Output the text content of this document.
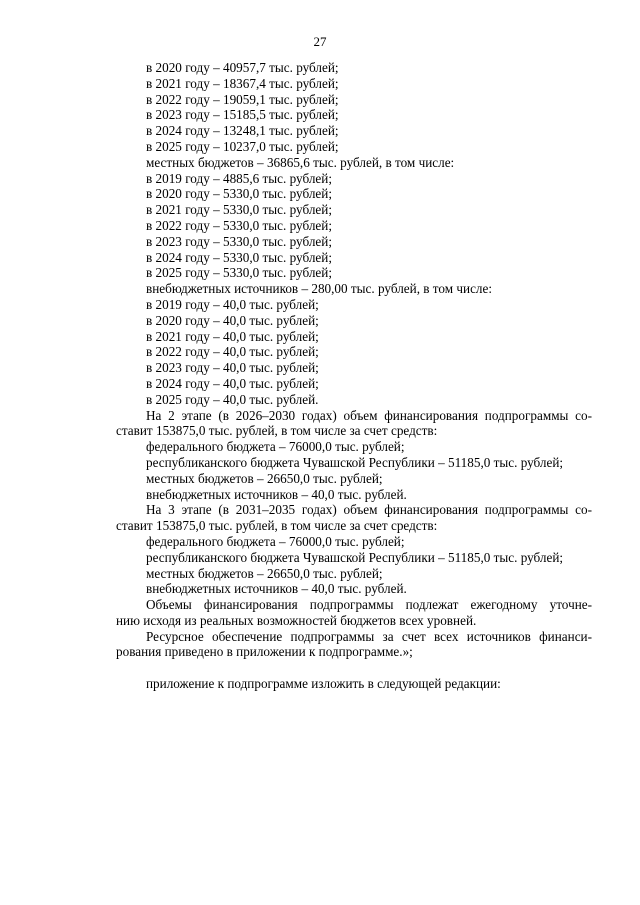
27
в 2020 году – 40957,7 тыс. рублей;
в 2021 году – 18367,4 тыс. рублей;
в 2022 году – 19059,1 тыс. рублей;
в 2023 году – 15185,5 тыс. рублей;
в 2024 году – 13248,1 тыс. рублей;
в 2025 году – 10237,0 тыс. рублей;
местных бюджетов – 36865,6 тыс. рублей, в том числе:
в 2019 году – 4885,6 тыс. рублей;
в 2020 году – 5330,0 тыс. рублей;
в 2021 году – 5330,0 тыс. рублей;
в 2022 году – 5330,0 тыс. рублей;
в 2023 году – 5330,0 тыс. рублей;
в 2024 году – 5330,0 тыс. рублей;
в 2025 году – 5330,0 тыс. рублей;
внебюджетных источников – 280,00 тыс. рублей, в том числе:
в 2019 году – 40,0 тыс. рублей;
в 2020 году – 40,0 тыс. рублей;
в 2021 году – 40,0 тыс. рублей;
в 2022 году – 40,0 тыс. рублей;
в 2023 году – 40,0 тыс. рублей;
в 2024 году – 40,0 тыс. рублей;
в 2025 году – 40,0 тыс. рублей.
На 2 этапе (в 2026–2030 годах) объем финансирования подпрограммы со-
ставит 153875,0 тыс. рублей, в том числе за счет средств:
федерального бюджета – 76000,0 тыс. рублей;
республиканского бюджета Чувашской Республики – 51185,0 тыс. рублей;
местных бюджетов – 26650,0 тыс. рублей;
внебюджетных источников – 40,0 тыс. рублей.
На 3 этапе (в 2031–2035 годах) объем финансирования подпрограммы со-
ставит 153875,0 тыс. рублей, в том числе за счет средств:
федерального бюджета – 76000,0 тыс. рублей;
республиканского бюджета Чувашской Республики – 51185,0 тыс. рублей;
местных бюджетов – 26650,0 тыс. рублей;
внебюджетных источников – 40,0 тыс. рублей.
Объемы финансирования подпрограммы подлежат ежегодному уточне-
нию исходя из реальных возможностей бюджетов всех уровней.
Ресурсное обеспечение подпрограммы за счет всех источников финанси-
рования приведено в приложении к подпрограмме.»;
приложение к подпрограмме изложить в следующей редакции:
